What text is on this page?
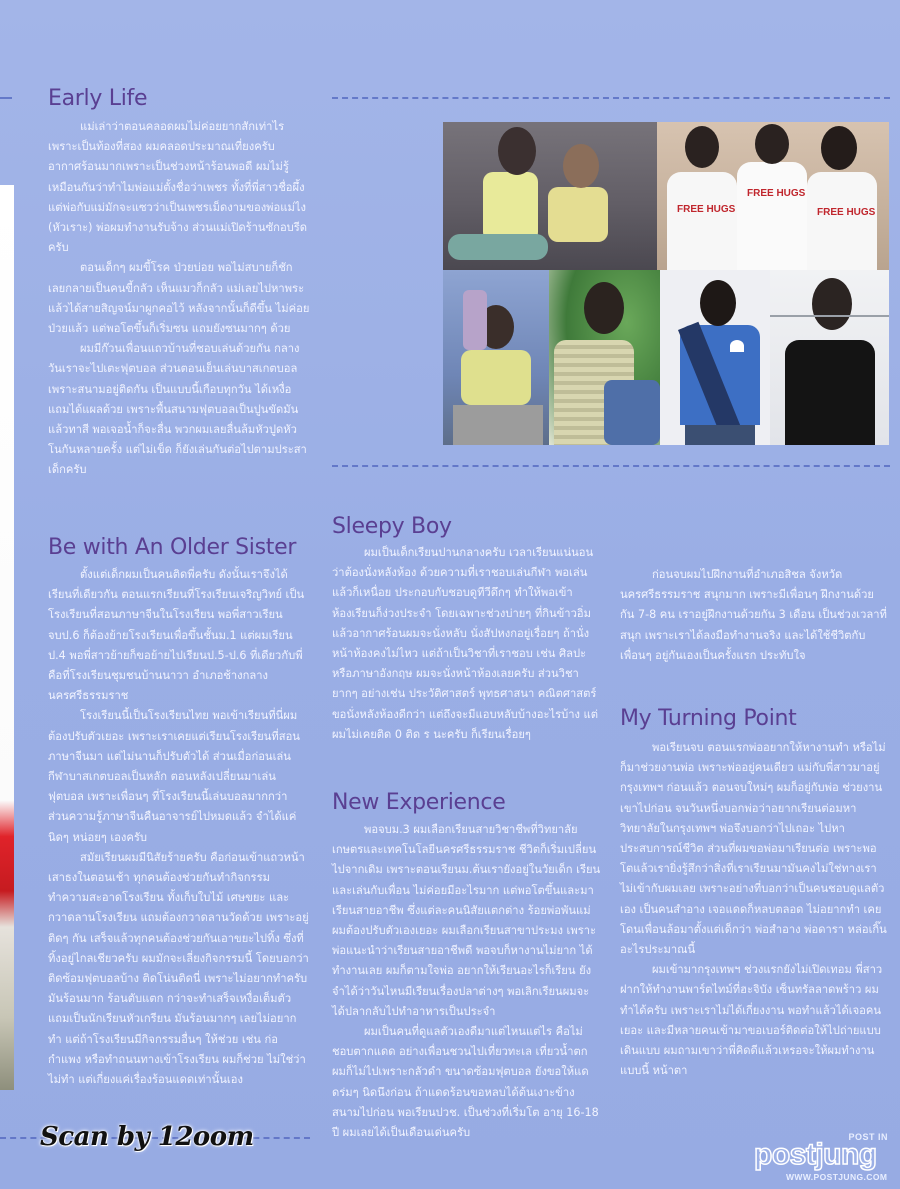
Early Life

แม่เล่าว่าตอนคลอดผมไม่ค่อยยากสักเท่าไร เพราะเป็นท้องที่สอง ผมคลอดประมาณเที่ยงครับ อากาศร้อนมากเพราะเป็นช่วงหน้าร้อนพอดี ผมไม่รู้เหมือนกันว่าทำไมพ่อแม่ตั้งชื่อว่าเพชร ทั้งที่พี่สาวชื่อผึ้ง แต่พ่อกับแม่มักจะแซวว่าเป็นเพชรเม็ดงามของพ่อแม่ไง (หัวเราะ) พ่อผมทำงานรับจ้าง ส่วนแม่เปิดร้านซักอบรีดครับ

ตอนเด็กๆ ผมขี้โรค ป่วยบ่อย พอไม่สบายก็ชัก เลยกลายเป็นคนขี้กลัว เห็นแมวก็กลัว แม่เลยไปหาพระ แล้วได้สายสิญจน์มาผูกคอไว้ หลังจากนั้นก็ดีขึ้น ไม่ค่อยป่วยแล้ว แต่พอโตขึ้นก็เริ่มซน แถมยังซนมากๆ ด้วย

ผมมีก๊วนเพื่อนแถวบ้านที่ชอบเล่นด้วยกัน กลางวันเราจะไปเตะฟุตบอล ส่วนตอนเย็นเล่นบาสเกตบอล เพราะสนามอยู่ติดกัน เป็นแบบนี้เกือบทุกวัน ได้เหงื่อ แถมได้แผลด้วย เพราะพื้นสนามฟุตบอลเป็นปูนขัดมันแล้วทาสี พอเจอน้ำก็จะลื่น พวกผมเลยลื่นล้มหัวปูดหัวโนกันหลายครั้ง แต่ไม่เข็ด ก็ยังเล่นกันต่อไปตามประสาเด็กครับ

Be with An Older Sister

ตั้งแต่เด็กผมเป็นคนติดพี่ครับ ดังนั้นเราจึงได้เรียนที่เดียวกัน ตอนแรกเรียนที่โรงเรียนเจริญวิทย์ เป็นโรงเรียนที่สอนภาษาจีนในโรงเรียน พอพี่สาวเรียนจบป.6 ก็ต้องย้ายโรงเรียนเพื่อขึ้นชั้นม.1 แต่ผมเรียนป.4 พอพี่สาวย้ายก็ขอย้ายไปเรียนป.5-ป.6 ที่เดียวกับพี่ คือที่โรงเรียนชุมชนบ้านนาวา อำเภอช้างกลาง นครศรีธรรมราช

โรงเรียนนี้เป็นโรงเรียนไทย พอเข้าเรียนที่นี่ผมต้องปรับตัวเยอะ เพราะเราเคยแต่เรียนโรงเรียนที่สอนภาษาจีนมา แต่ไม่นานก็ปรับตัวได้ ส่วนเมื่อก่อนเล่นกีฬาบาสเกตบอลเป็นหลัก ตอนหลังเปลี่ยนมาเล่นฟุตบอล เพราะเพื่อนๆ ที่โรงเรียนนี้เล่นบอลมากกว่า ส่วนความรู้ภาษาจีนคืนอาจารย์ไปหมดแล้ว จำได้แค่นิดๆ หน่อยๆ เองครับ

สมัยเรียนผมมีนิสัยร้ายครับ คือก่อนเข้าแถวหน้าเสาธงในตอนเช้า ทุกคนต้องช่วยกันทำกิจกรรมทำความสะอาดโรงเรียน ทั้งเก็บใบไม้ เศษขยะ และกวาดลานโรงเรียน แถมต้องกวาดลานวัดด้วย เพราะอยู่ติดๆ กัน เสร็จแล้วทุกคนต้องช่วยกันเอาขยะไปทิ้ง ซึ่งที่ทิ้งอยู่ไกลเชียวครับ ผมมักจะเลี่ยงกิจกรรมนี้ โดยบอกว่าติดซ้อมฟุตบอลบ้าง ติดโน่นติดนี่ เพราะไม่อยากทำครับ มันร้อนมาก ร้อนตับแตก กว่าจะทำเสร็จเหงื่อเต็มตัว แถมเป็นนักเรียนหัวเกรียน มันร้อนมากๆ เลยไม่อยากทำ แต่ถ้าโรงเรียนมีกิจกรรมอื่นๆ ให้ช่วย เช่น ก่อกำแพง หรือทำถนนทางเข้าโรงเรียน ผมก็ช่วย ไม่ใช่ว่าไม่ทำ แต่เกี่ยงแค่เรื่องร้อนแดดเท่านั้นเอง

FREE HUGS
FREE HUGS
FREE HUGS
Sleepy Boy

ผมเป็นเด็กเรียนปานกลางครับ เวลาเรียนแน่นอนว่าต้องนั่งหลังห้อง ด้วยความที่เราชอบเล่นกีฬา พอเล่นแล้วก็เหนื่อย ประกอบกับชอบดูทีวีดึกๆ ทำให้พอเข้าห้องเรียนก็ง่วงประจำ โดยเฉพาะช่วงบ่ายๆ ที่กินข้าวอิ่มแล้วอากาศร้อนผมจะนั่งหลับ นั่งสัปหงกอยู่เรื่อยๆ ถ้านั่งหน้าห้องคงไม่ไหว แต่ถ้าเป็นวิชาที่เราชอบ เช่น ศิลปะหรือภาษาอังกฤษ ผมจะนั่งหน้าห้องเลยครับ ส่วนวิชายากๆ อย่างเช่น ประวัติศาสตร์ พุทธศาสนา คณิตศาสตร์ ขอนั่งหลังห้องดีกว่า แต่ถึงจะมีแอบหลับบ้างอะไรบ้าง แต่ผมไม่เคยติด 0 ติด ร นะครับ ก็เรียนเรื่อยๆ

New Experience

พอจบม.3 ผมเลือกเรียนสายวิชาชีพที่วิทยาลัยเกษตรและเทคโนโลยีนครศรีธรรมราช ชีวิตก็เริ่มเปลี่ยนไปจากเดิม เพราะตอนเรียนม.ต้นเรายังอยู่ในวัยเด็ก เรียนและเล่นกับเพื่อน ไม่ค่อยมีอะไรมาก แต่พอโตขึ้นและมาเรียนสายอาชีพ ซึ่งแต่ละคนนิสัยแตกต่าง ร้อยพ่อพันแม่ ผมต้องปรับตัวเองเยอะ ผมเลือกเรียนสาขาประมง เพราะพ่อแนะนำว่าเรียนสายอาชีพดี พอจบก็หางานไม่ยาก ได้ทำงานเลย ผมก็ตามใจพ่อ อยากให้เรียนอะไรก็เรียน ยังจำได้ว่าวันไหนมีเรียนเรื่องปลาต่างๆ พอเลิกเรียนผมจะได้ปลากลับไปทำอาหารเป็นประจำ

ผมเป็นคนที่ดูแลตัวเองดีมาแต่ไหนแต่ไร คือไม่ชอบตากแดด อย่างเพื่อนชวนไปเที่ยวทะเล เที่ยวน้ำตก ผมก็ไม่ไปเพราะกลัวดำ ขนาดซ้อมฟุตบอล ยังขอให้แดดร่มๆ นิดนึงก่อน ถ้าแดดร้อนขอหลบได้ต้นเงาะข้างสนามไปก่อน พอเรียนปวช. เป็นช่วงที่เริ่มโต อายุ 16-18 ปี ผมเลยได้เป็นเดือนเด่นครับ

ก่อนจบผมไปฝึกงานที่อำเภอสิชล จังหวัดนครศรีธรรมราช สนุกมาก เพราะมีเพื่อนๆ ฝึกงานด้วยกัน 7-8 คน เราอยู่ฝึกงานด้วยกัน 3 เดือน เป็นช่วงเวลาที่สนุก เพราะเราได้ลงมือทำงานจริง และได้ใช้ชีวิตกับเพื่อนๆ อยู่กันเองเป็นครั้งแรก ประทับใจ

My Turning Point

พอเรียนจบ ตอนแรกพ่ออยากให้หางานทำ หรือไม่ก็มาช่วยงานพ่อ เพราะพ่ออยู่คนเดียว แม่กับพี่สาวมาอยู่กรุงเทพฯ ก่อนแล้ว ตอนจบใหม่ๆ ผมก็อยู่กับพ่อ ช่วยงานเขาไปก่อน จนวันหนึ่งบอกพ่อว่าอยากเรียนต่อมหาวิทยาลัยในกรุงเทพฯ พ่อจึงบอกว่าไปเถอะ ไปหาประสบการณ์ชีวิต ส่วนที่ผมขอพ่อมาเรียนต่อ เพราะพอโตแล้วเรายิ่งรู้สึกว่าสิ่งที่เราเรียนมามันคงไม่ใช่ทางเรา ไม่เข้ากับผมเลย เพราะอย่างที่บอกว่าเป็นคนชอบดูแลตัวเอง เป็นคนสำอาง เจอแดดก็หลบตลอด ไม่อยากทำ เคยโดนเพื่อนล้อมาตั้งแต่เด็กว่า พ่อสำอาง พ่อดารา หล่อเกิ๊น อะไรประมาณนี้

ผมเข้ามากรุงเทพฯ ช่วงแรกยังไม่เปิดเทอม พี่สาวฝากให้ทำงานพาร์ตไทม์ที่ฮะจิบัง เซ็นทรัลลาดพร้าว ผมทำได้ครับ เพราะเราไม่ได้เกี่ยงงาน พอทำแล้วได้เจอคนเยอะ และมีหลายคนเข้ามาขอเบอร์ติดต่อให้ไปถ่ายแบบ เดินแบบ ผมถามเขาว่าพี่คิดดีแล้วเหรอจะให้ผมทำงานแบบนี้ หน้าตา

Scan by 12oom	POST IN
postjung
WWW.POSTJUNG.COM
